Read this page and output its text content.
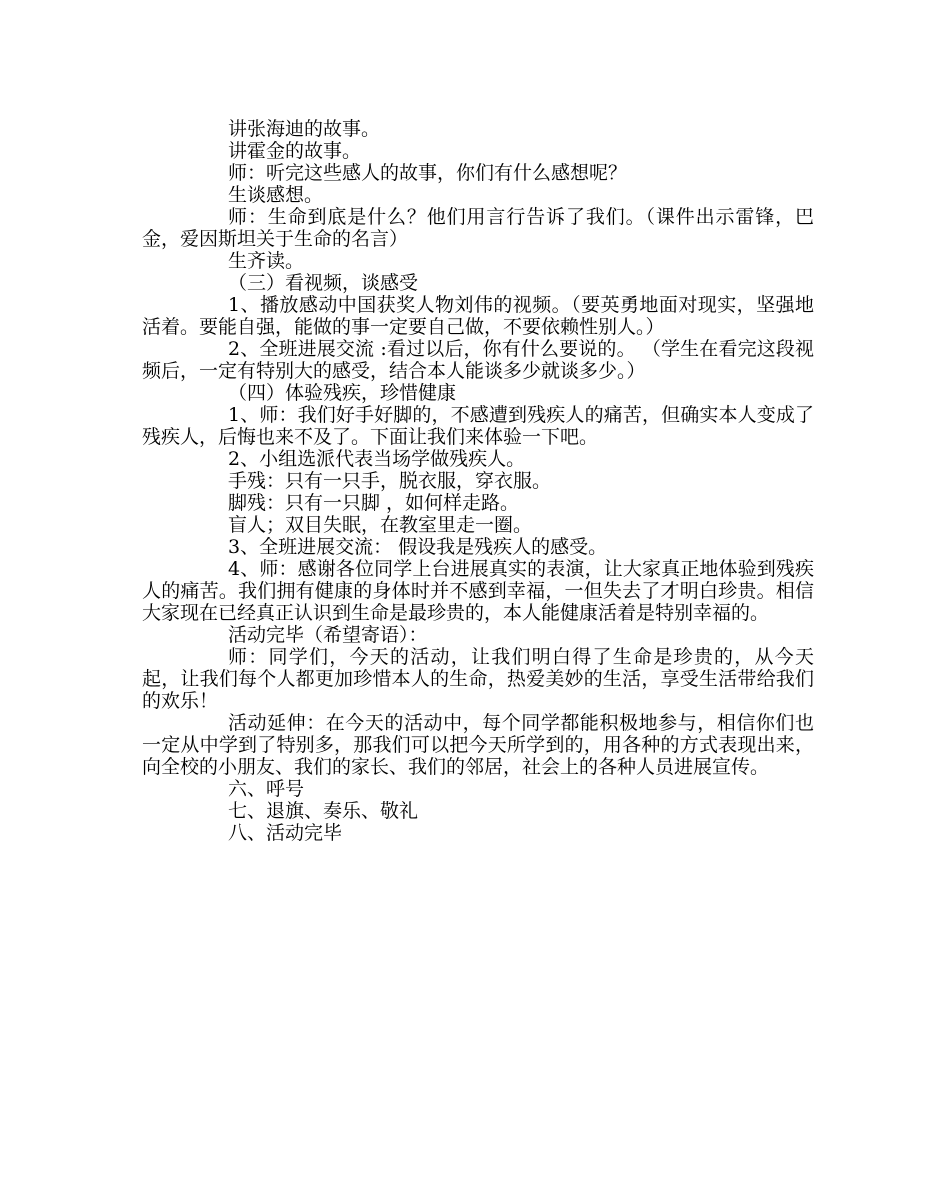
讲张海迪的故事。

讲霍金的故事。

师：听完这些感人的故事，你们有什么感想呢？

生谈感想。

师：生命到底是什么？他们用言行告诉了我们。（课件出示雷锋，巴金，爱因斯坦关于生命的名言）

生齐读。

（三）看视频，谈感受

1、播放感动中国获奖人物刘伟的视频。（要英勇地面对现实，坚强地活着。要能自强，能做的事一定要自己做，不要依赖性别人。）

2、全班进展交流 :看过以后，你有什么要说的。 （学生在看完这段视频后，一定有特别大的感受，结合本人能谈多少就谈多少。）

（四）体验残疾，珍惜健康

1、师：我们好手好脚的，不感遭到残疾人的痛苦，但确实本人变成了残疾人，后悔也来不及了。下面让我们来体验一下吧。

2、小组选派代表当场学做残疾人。

手残：只有一只手，脱衣服，穿衣服。

脚残：只有一只脚 ，如何样走路。

盲人；双目失眠，在教室里走一圈。

3、全班进展交流： 假设我是残疾人的感受。

4、师：感谢各位同学上台进展真实的表演，让大家真正地体验到残疾人的痛苦。我们拥有健康的身体时并不感到幸福，一但失去了才明白珍贵。相信大家现在已经真正认识到生命是最珍贵的，本人能健康活着是特别幸福的。

活动完毕（希望寄语）：

师：同学们，今天的活动，让我们明白得了生命是珍贵的，从今天起，让我们每个人都更加珍惜本人的生命，热爱美妙的生活，享受生活带给我们的欢乐！

活动延伸：在今天的活动中，每个同学都能积极地参与，相信你们也一定从中学到了特别多，那我们可以把今天所学到的，用各种的方式表现出来，向全校的小朋友、我们的家长、我们的邻居，社会上的各种人员进展宣传。

六、呼号

七、退旗、奏乐、敬礼

八、活动完毕
